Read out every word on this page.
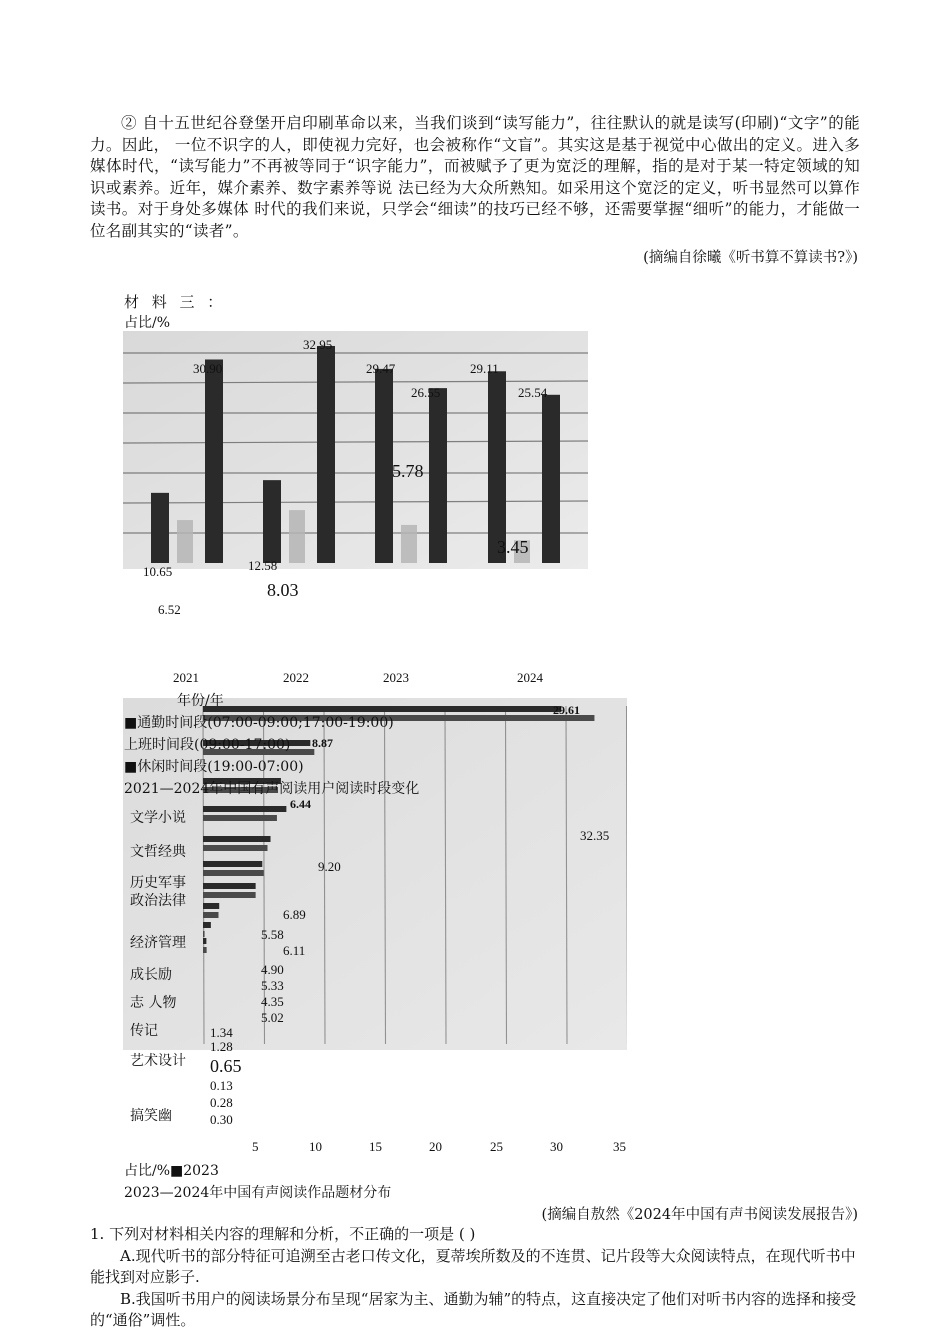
② 自十五世纪谷登堡开启印刷革命以来，当我们谈到“读写能力”，往往默认的就是读写(印刷)“文字”的能力。因此， 一位不识字的人，即使视力完好，也会被称作“文盲”。其实这是基于视觉中心做出的定义。进入多媒体时代，“读写能力”不再被等同于“识字能力”，而被赋予了更为宽泛的理解，指的是对于某一特定领域的知识或素养。近年，媒介素养、数字素养等说 法已经为大众所熟知。如采用这个宽泛的定义，听书显然可以算作读书。对于身处多媒体 时代的我们来说，只学会“细读”的技巧已经不够，还需要掌握“细听”的能力，才能做一位名副其实的“读者”。
(摘编自徐曦《听书算不算读书?》)
材 料 三 ：
占比/%
30.90
32.95
29.47
26.55
29.11
25.54
5.78
3.45
10.65	12.58
8.03
6.52
2021	2022	2023	2024
年份/年
■通勤时间段(07:00-09:00;17:00-19:00)
上班时间段(09:00-17:00)
■休闲时间段(19:00-07:00)
2021—2024年中国有声阅读用户阅读时段变化
文学小说
文哲经典
历史军事
政治法律
经济管理
成长励
志 人物
传记
艺术设计
搞笑幽
29.61
8.87
6.44
32.35
9.20
6.89
5.58
6.11
4.90
5.33
4.35
5.02
1.34
1.28
0.65
0.13
0.28
0.30
5	10	15	20	25	30	35
占比/%■2023
2023—2024年中国有声阅读作品题材分布
(摘编自敖然《2024年中国有声书阅读发展报告》)
1. 下列对材料相关内容的理解和分析，不正确的一项是 ( )
A.现代听书的部分特征可追溯至古老口传文化，夏蒂埃所数及的不连贯、记片段等大众阅读特点，在现代听书中能找到对应影子.
B.我国听书用户的阅读场景分布呈现“居家为主、通勤为辅”的特点，这直接决定了他们对听书内容的选择和接受的“通俗”调性。
